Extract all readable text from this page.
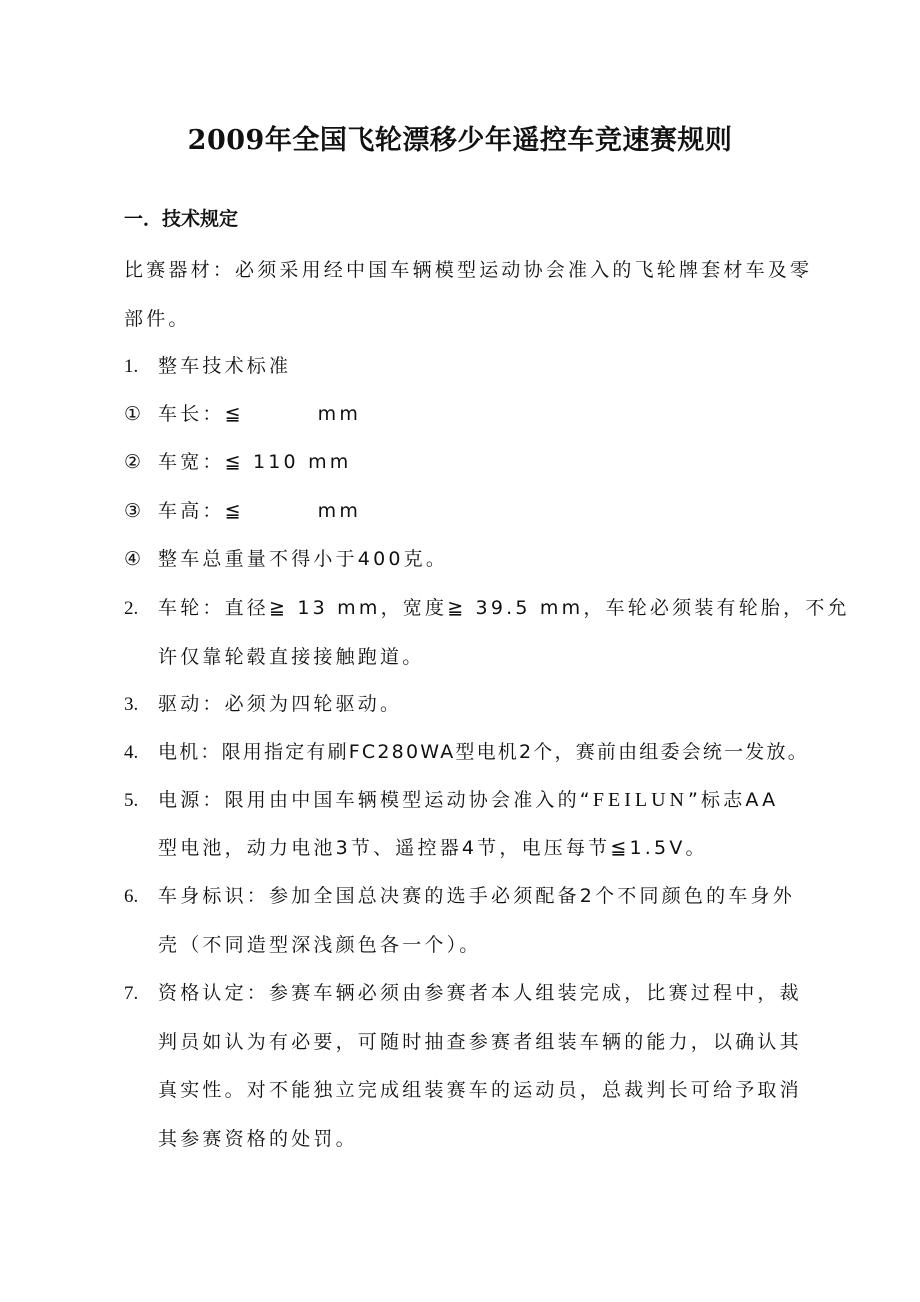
2009年全国飞轮漂移少年遥控车竞速赛规则
一．技术规定
比赛器材：必须采用经中国车辆模型运动协会准入的飞轮牌套材车及零
部件。
1. 整车技术标准
① 车长：≦        mm
② 车宽：≦ 110 mm
③ 车高：≦        mm
④ 整车总重量不得小于400克。
2. 车轮：直径≧ 13 mm，宽度≧ 39.5 mm，车轮必须装有轮胎，不允
许仅靠轮毂直接接触跑道。
3. 驱动：必须为四轮驱动。
4. 电机：限用指定有刷FC280WA型电机2个，赛前由组委会统一发放。
5. 电源：限用由中国车辆模型运动协会准入的“FEILUN”标志AA
型电池，动力电池3节、遥控器4节，电压每节≦1.5V。
6. 车身标识：参加全国总决赛的选手必须配备2个不同颜色的车身外
壳（不同造型深浅颜色各一个）。
7. 资格认定：参赛车辆必须由参赛者本人组装完成，比赛过程中，裁
判员如认为有必要，可随时抽查参赛者组装车辆的能力，以确认其
真实性。对不能独立完成组装赛车的运动员，总裁判长可给予取消
其参赛资格的处罚。
